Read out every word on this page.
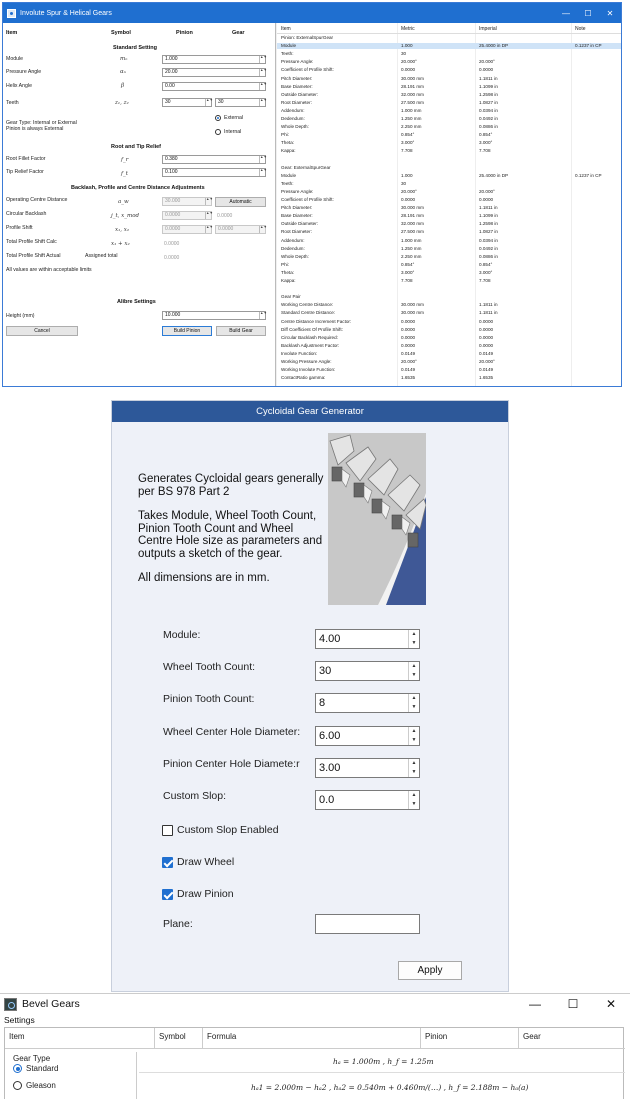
Involute Spur & Helical Gears	—	☐	✕
Item	Symbol	Pinion	Gear
Standard Setting
Module	mₙ	1.000	▲▼
Pressure Angle	αₙ	20.00	▲▼
Helix Angle	β	0.00	▲▼
Teeth	z₁, z₂	30	▲▼	30	▲▼
Gear Type: Internal or External
Pinion is always External
External
Internal
Root and Tip Relief
Root Fillet Factor	f_r	0.380	▲▼
Tip Relief Factor	f_t	0.100	▲▼
Backlash, Profile and Centre Distance Adjustments
Operating Centre Distance	a_w	30.000	▲▼	Automatic
Circular Backlash	j_t, x_mod	0.0000	▲▼ 0.0000
Profile Shift	x₁, x₂	0.0000	▲▼	0.0000	▲▼
Total Profile Shift Calc	x₁ + x₂	0.0000
Total Profile Shift Actual	Assigned total	0.0000
All values are within acceptable limits
Alibre Settings
Height (mm)	10.000	▲▼
Cancel	Build Pinion	Build Gear
Item	Metric	Imperial	Note
Pinion: ExternalSpurGear
Module	1.000	25.4000 in DP	0.1237 in CP
Teeth:	30
Pressure Angle:	20.000°	20.000°
Coefficient of Profile Shift:	0.0000	0.0000
Pitch Diameter:	30.000 mm	1.1811 in
Base Diameter:	28.191 mm	1.1099 in
Outside Diameter:	32.000 mm	1.2598 in
Root Diameter:	27.500 mm	1.0827 in
Addendum:	1.000 mm	0.0394 in
Dedendum:	1.250 mm	0.0492 in
Whole Depth:	2.250 mm	0.0886 in
Phi:	0.854°	0.854°
Theta:	3.000°	3.000°
Kappa:	7.708	7.708
Gear: ExternalSpurGear
Module	1.000	25.4000 in DP	0.1237 in CP
Teeth:	30
Pressure Angle:	20.000°	20.000°
Coefficient of Profile Shift:	0.0000	0.0000
Pitch Diameter:	30.000 mm	1.1811 in
Base Diameter:	28.191 mm	1.1099 in
Outside Diameter:	32.000 mm	1.2598 in
Root Diameter:	27.500 mm	1.0827 in
Addendum:	1.000 mm	0.0394 in
Dedendum:	1.250 mm	0.0492 in
Whole Depth:	2.250 mm	0.0886 in
Phi:	0.854°	0.854°
Theta:	3.000°	3.000°
Kappa:	7.708	7.708
Gear Pair
Working Centre Distance:	30.000 mm	1.1811 in
Standard Centre Distance:	30.000 mm	1.1811 in
Centre Distance Increment Factor:	0.0000	0.0000
Diff Coefficient Of Profile Shift:	0.0000	0.0000
Circular Backlash Required:	0.0000	0.0000
Backlash Adjustment Factor:	0.0000	0.0000
Involute Function:	0.0149	0.0149
Working Pressure Angle:	20.000°	20.000°
Working Involute Function:	0.0149	0.0149
ContactRatio gamma:	1.6535	1.6535
Cycloidal Gear Generator
Generates Cycloidal gears generally per BS 978 Part 2
Takes Module, Wheel Tooth Count, Pinion Tooth Count and Wheel Centre Hole size as parameters and outputs a sketch of the gear.
All dimensions are in mm.
Module:	4.00	▲
▼
Wheel Tooth Count:	30	▲
▼
Pinion Tooth Count:	8	▲
▼
Wheel Center Hole Diameter:	6.00	▲
▼
Pinion Center Hole Diamete:r	3.00	▲
▼
Custom Slop:	0.0	▲
▼
Custom Slop Enabled
Draw Wheel
Draw Pinion
Plane:
Apply
Bevel Gears	—	☐	✕
Settings
Item	Symbol	Formula	Pinion	Gear
Gear Type
Standard
Gleason
hₐ = 1.000m , h_f = 1.25m
hₐ1 = 2.000m − hₐ2 , hₐ2 = 0.540m + 0.460m/(…) , h_f = 2.188m − hₐ(a)
